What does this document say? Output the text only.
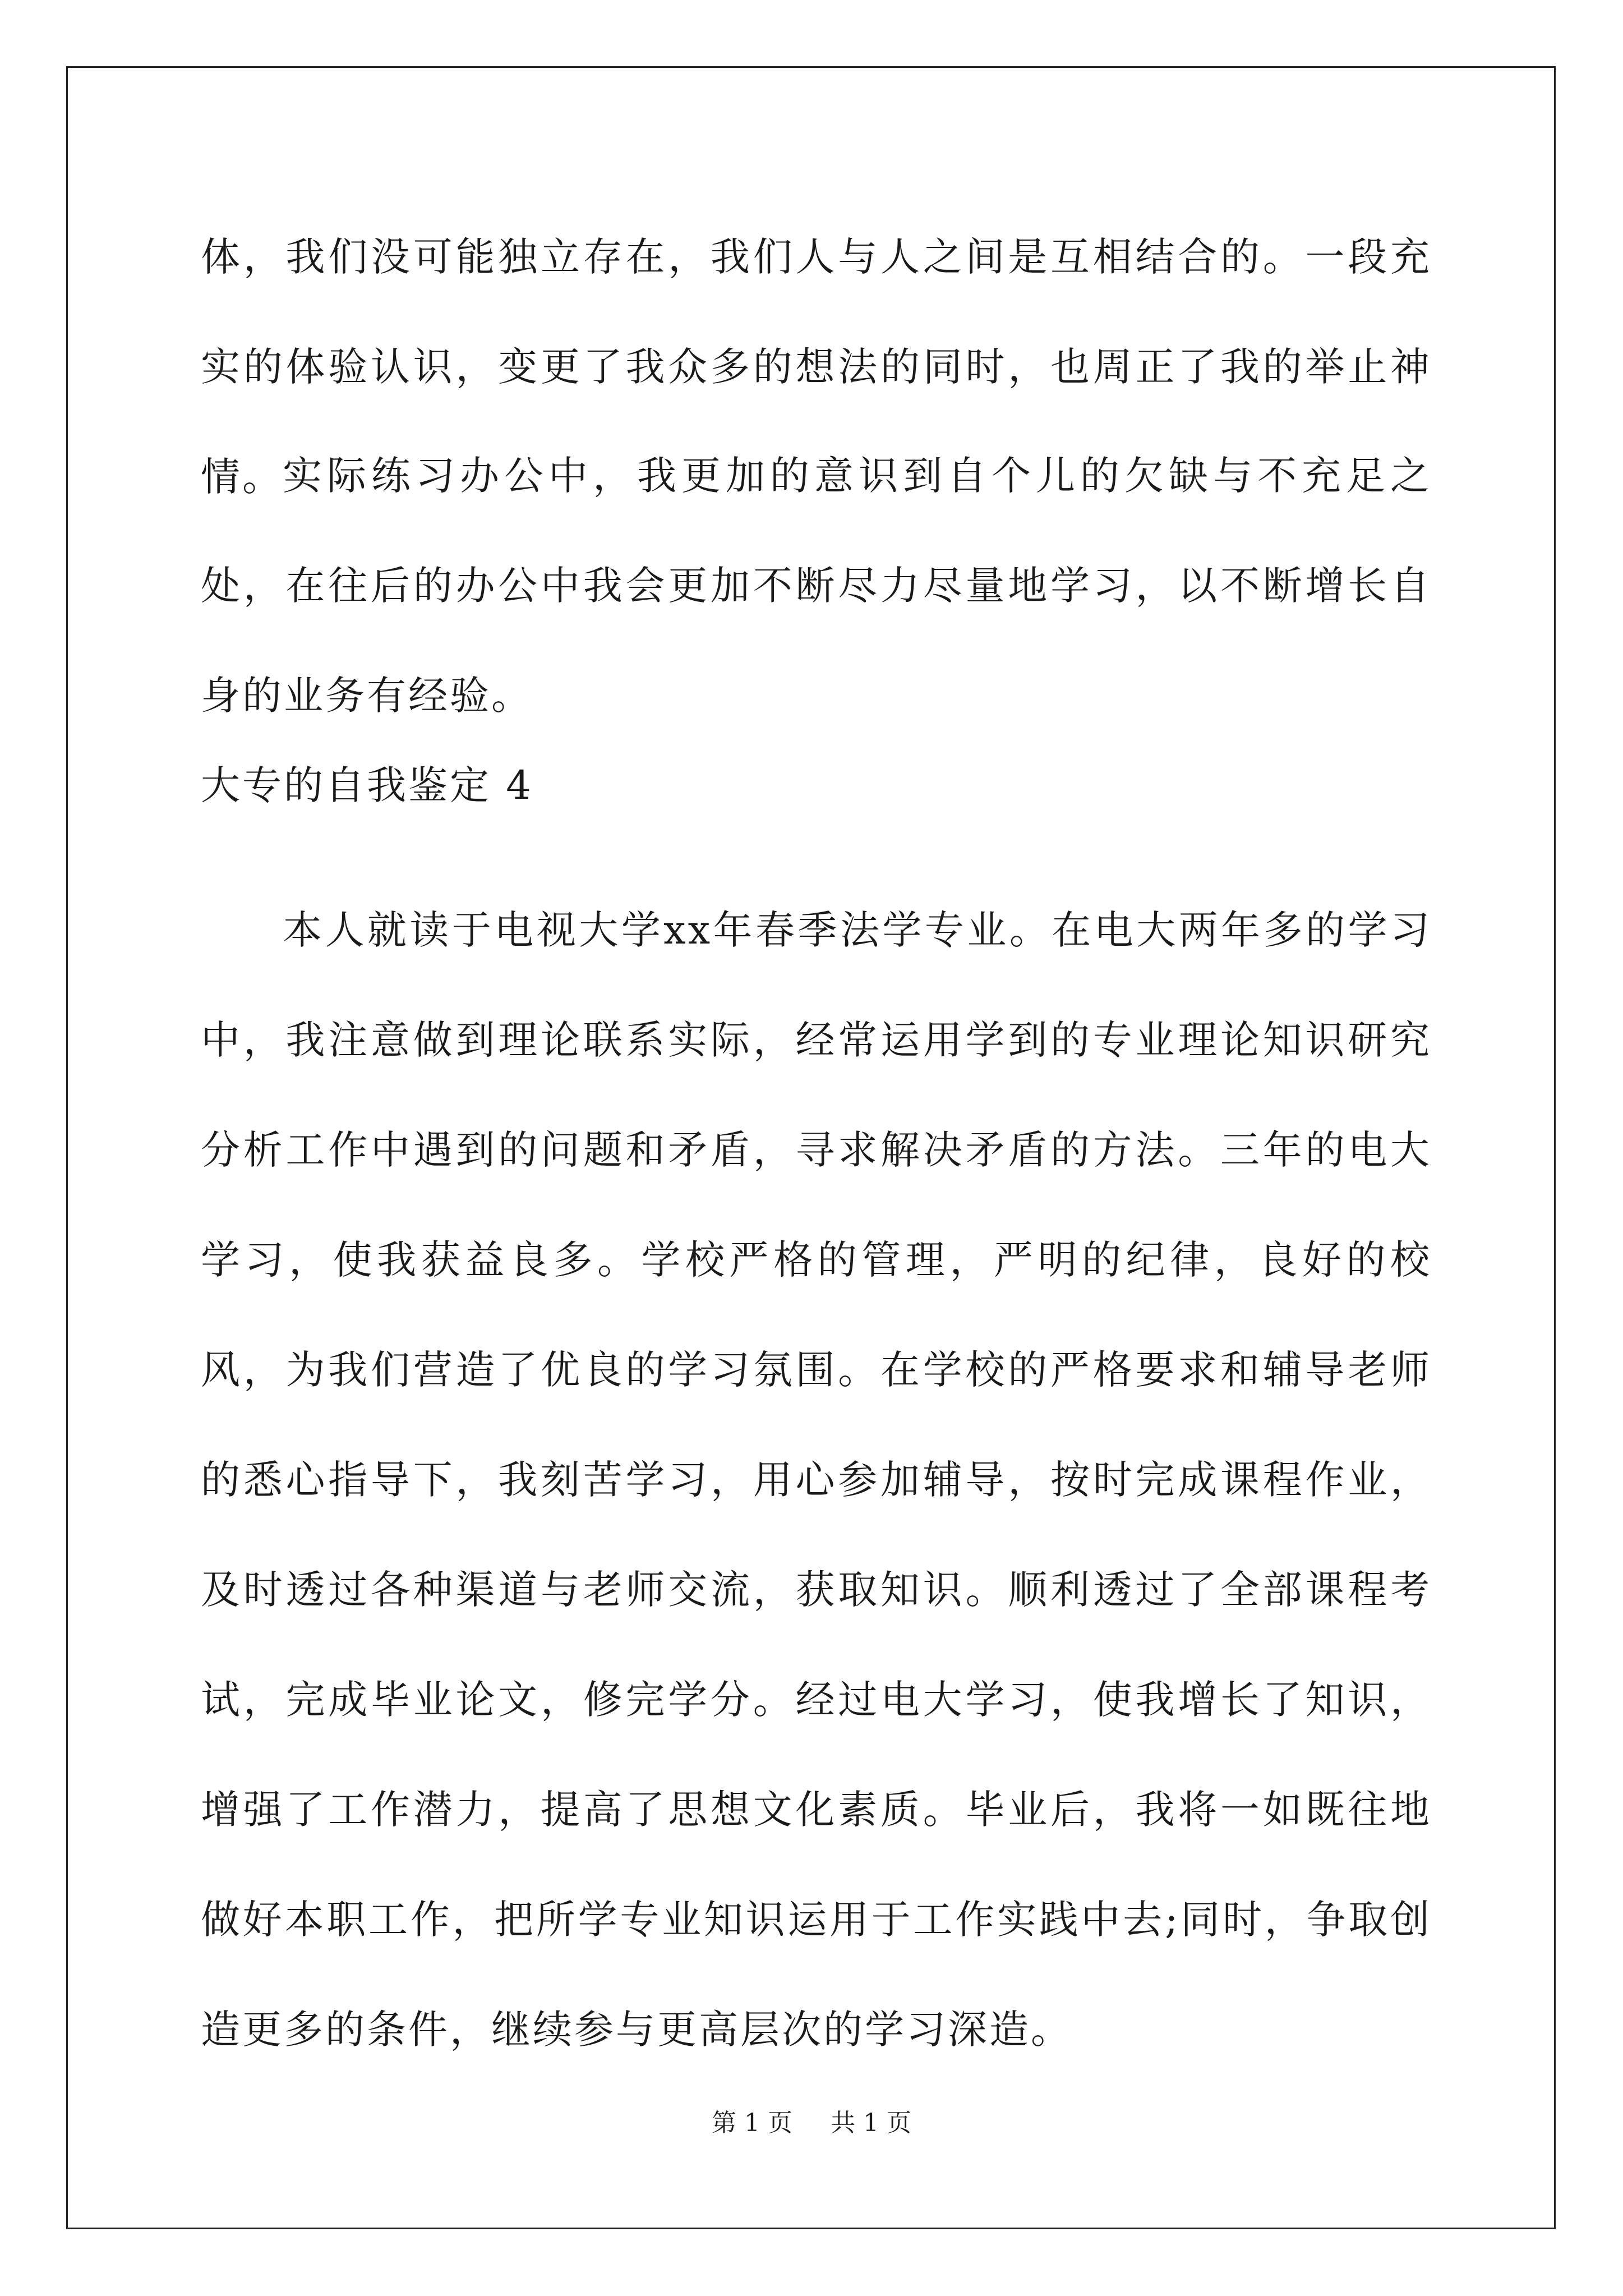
体，我们没可能独立存在，我们人与人之间是互相结合的。一段充实的体验认识，变更了我众多的想法的同时，也周正了我的举止神情。

实际练习办公中，我更加的意识到自个儿的欠缺与不充足之处，在往后的办公中我会更加不断尽力尽量地学习，以不断增长自身的业务有经验。

大专的自我鉴定 4

本人就读于电视大学xx年春季法学专业。在电大两年多的学习中，我注意做到理论联系实际，经常运用学到的专业理论知识研究分析工作中遇到的问题和矛盾，寻求解决矛盾的方法。三年的电大学习，使我获益良多。学校严格的管理，严明的纪律，良好的校风，为我们营造了优良的学习氛围。在学校的严格要求和辅导老师的悉心指导下，我刻苦学习，用心参加辅导，按时完成课程作业，及时透过各种渠道与老师交流，获取知识。顺利透过了全部课程考试，完成毕业论文，修完学分。经过电大学习，使我增长了知识，增强了工作潜力，提高了思想文化素质。毕业后，我将一如既往地做好本职工作，把所学专业知识运用于工作实践中去;同时，争取创造更多的条件，继续参与更高层次的学习深造。

第 1 页 共 1 页
